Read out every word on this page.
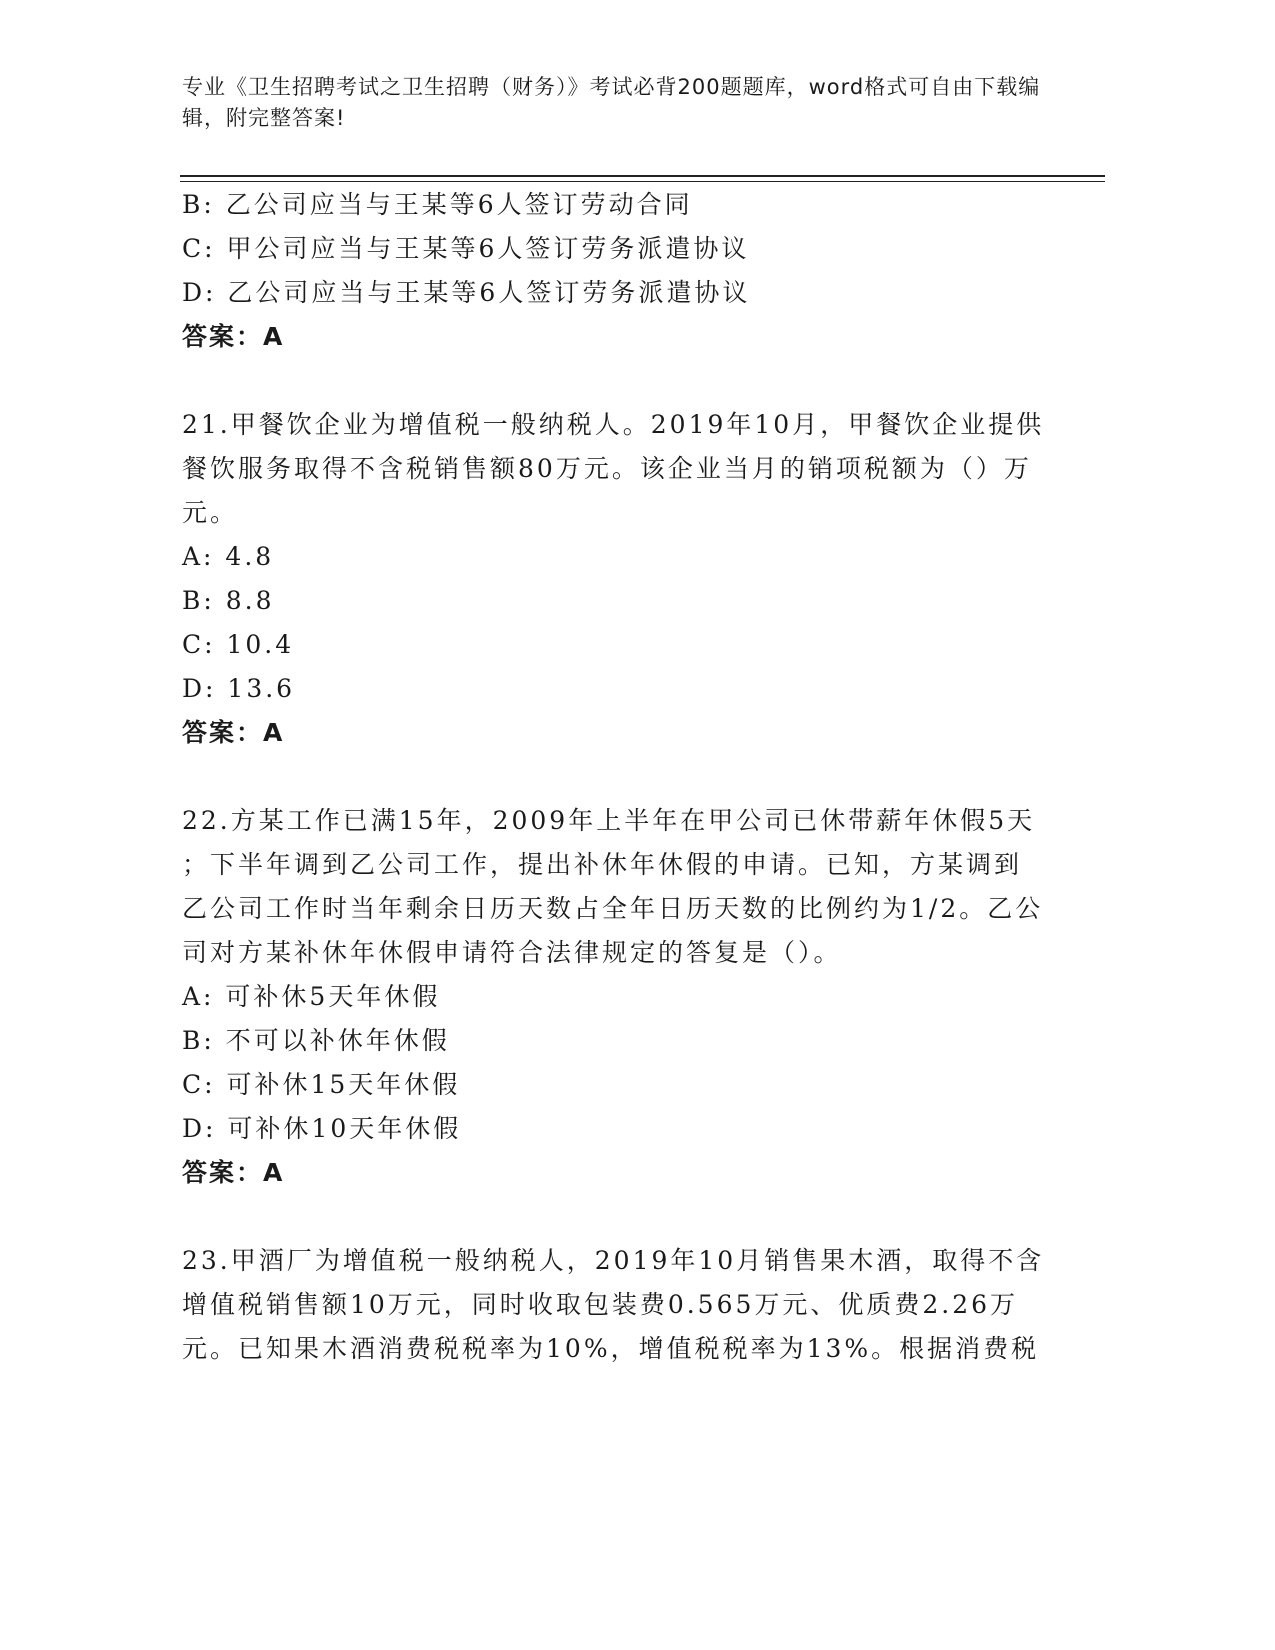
专业《卫生招聘考试之卫生招聘（财务）》考试必背200题题库，word格式可自由下载编辑，附完整答案!
B: 乙公司应当与王某等6人签订劳动合同
C: 甲公司应当与王某等6人签订劳务派遣协议
D: 乙公司应当与王某等6人签订劳务派遣协议
答案：A
21.甲餐饮企业为增值税一般纳税人。2019年10月，甲餐饮企业提供
餐饮服务取得不含税销售额80万元。该企业当月的销项税额为（）万
元。
A: 4.8
B: 8.8
C: 10.4
D: 13.6
答案：A
22.方某工作已满15年，2009年上半年在甲公司已休带薪年休假5天
；下半年调到乙公司工作，提出补休年休假的申请。已知，方某调到
乙公司工作时当年剩余日历天数占全年日历天数的比例约为1/2。乙公
司对方某补休年休假申请符合法律规定的答复是（）。
A: 可补休5天年休假
B: 不可以补休年休假
C: 可补休15天年休假
D: 可补休10天年休假
答案：A
23.甲酒厂为增值税一般纳税人，2019年10月销售果木酒，取得不含
增值税销售额10万元，同时收取包装费0.565万元、优质费2.26万
元。已知果木酒消费税税率为10%，增值税税率为13%。根据消费税
